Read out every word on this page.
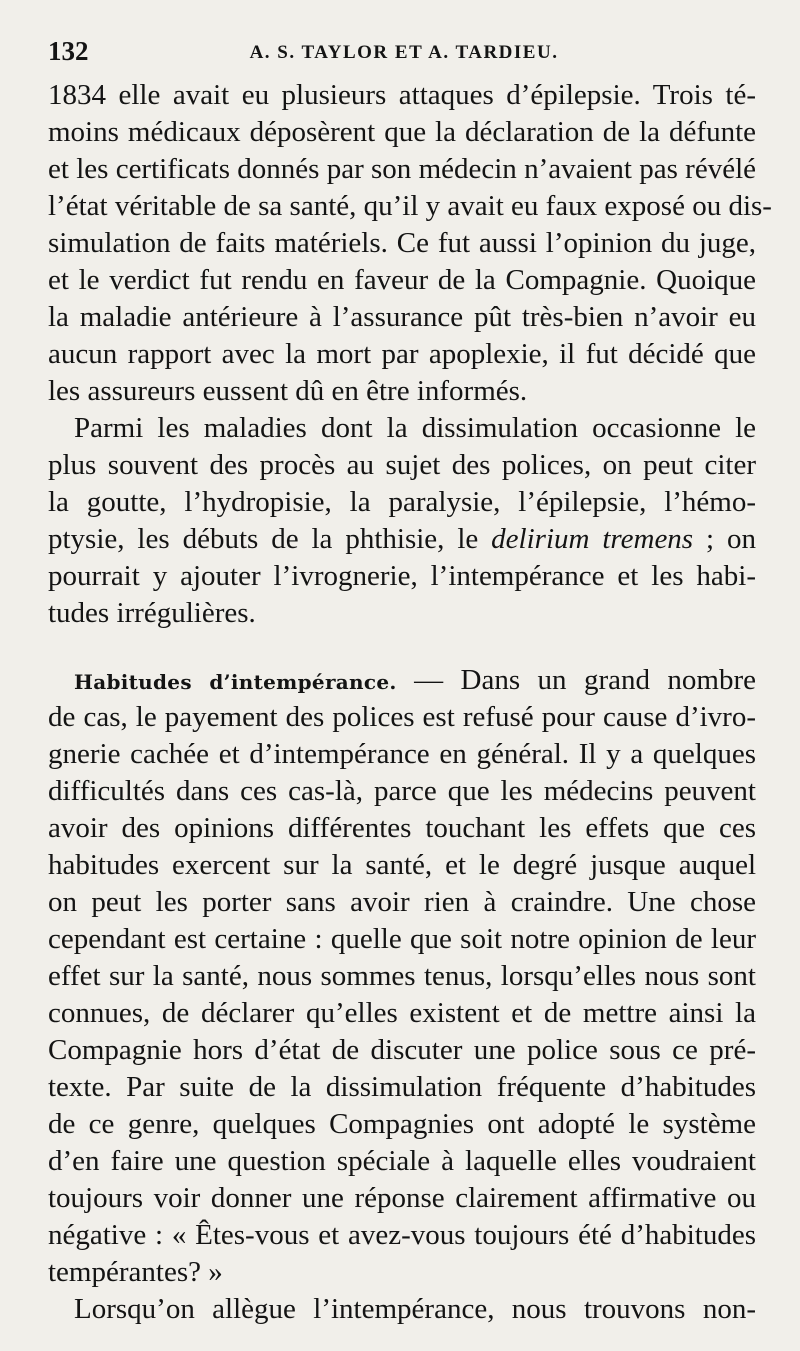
132	A. S. TAYLOR ET A. TARDIEU.
1834 elle avait eu plusieurs attaques d’épilepsie. Trois té-
moins médicaux déposèrent que la déclaration de la défunte
et les certificats donnés par son médecin n’avaient pas révélé
l’état véritable de sa santé, qu’il y avait eu faux exposé ou dis-
simulation de faits matériels. Ce fut aussi l’opinion du juge,
et le verdict fut rendu en faveur de la Compagnie. Quoique
la maladie antérieure à l’assurance pût très-bien n’avoir eu
aucun rapport avec la mort par apoplexie, il fut décidé que
les assureurs eussent dû en être informés.
Parmi les maladies dont la dissimulation occasionne le
plus souvent des procès au sujet des polices, on peut citer
la goutte, l’hydropisie, la paralysie, l’épilepsie, l’hémo-
ptysie, les débuts de la phthisie, le delirium tremens ; on
pourrait y ajouter l’ivrognerie, l’intempérance et les habi-
tudes irrégulières.
Habitudes d’intempérance. — Dans un grand nombre
de cas, le payement des polices est refusé pour cause d’ivro-
gnerie cachée et d’intempérance en général. Il y a quelques
difficultés dans ces cas-là, parce que les médecins peuvent
avoir des opinions différentes touchant les effets que ces
habitudes exercent sur la santé, et le degré jusque auquel
on peut les porter sans avoir rien à craindre. Une chose
cependant est certaine : quelle que soit notre opinion de leur
effet sur la santé, nous sommes tenus, lorsqu’elles nous sont
connues, de déclarer qu’elles existent et de mettre ainsi la
Compagnie hors d’état de discuter une police sous ce pré-
texte. Par suite de la dissimulation fréquente d’habitudes
de ce genre, quelques Compagnies ont adopté le système
d’en faire une question spéciale à laquelle elles voudraient
toujours voir donner une réponse clairement affirmative ou
négative : « Êtes-vous et avez-vous toujours été d’habitudes
tempérantes? »
Lorsqu’on allègue l’intempérance, nous trouvons non-
